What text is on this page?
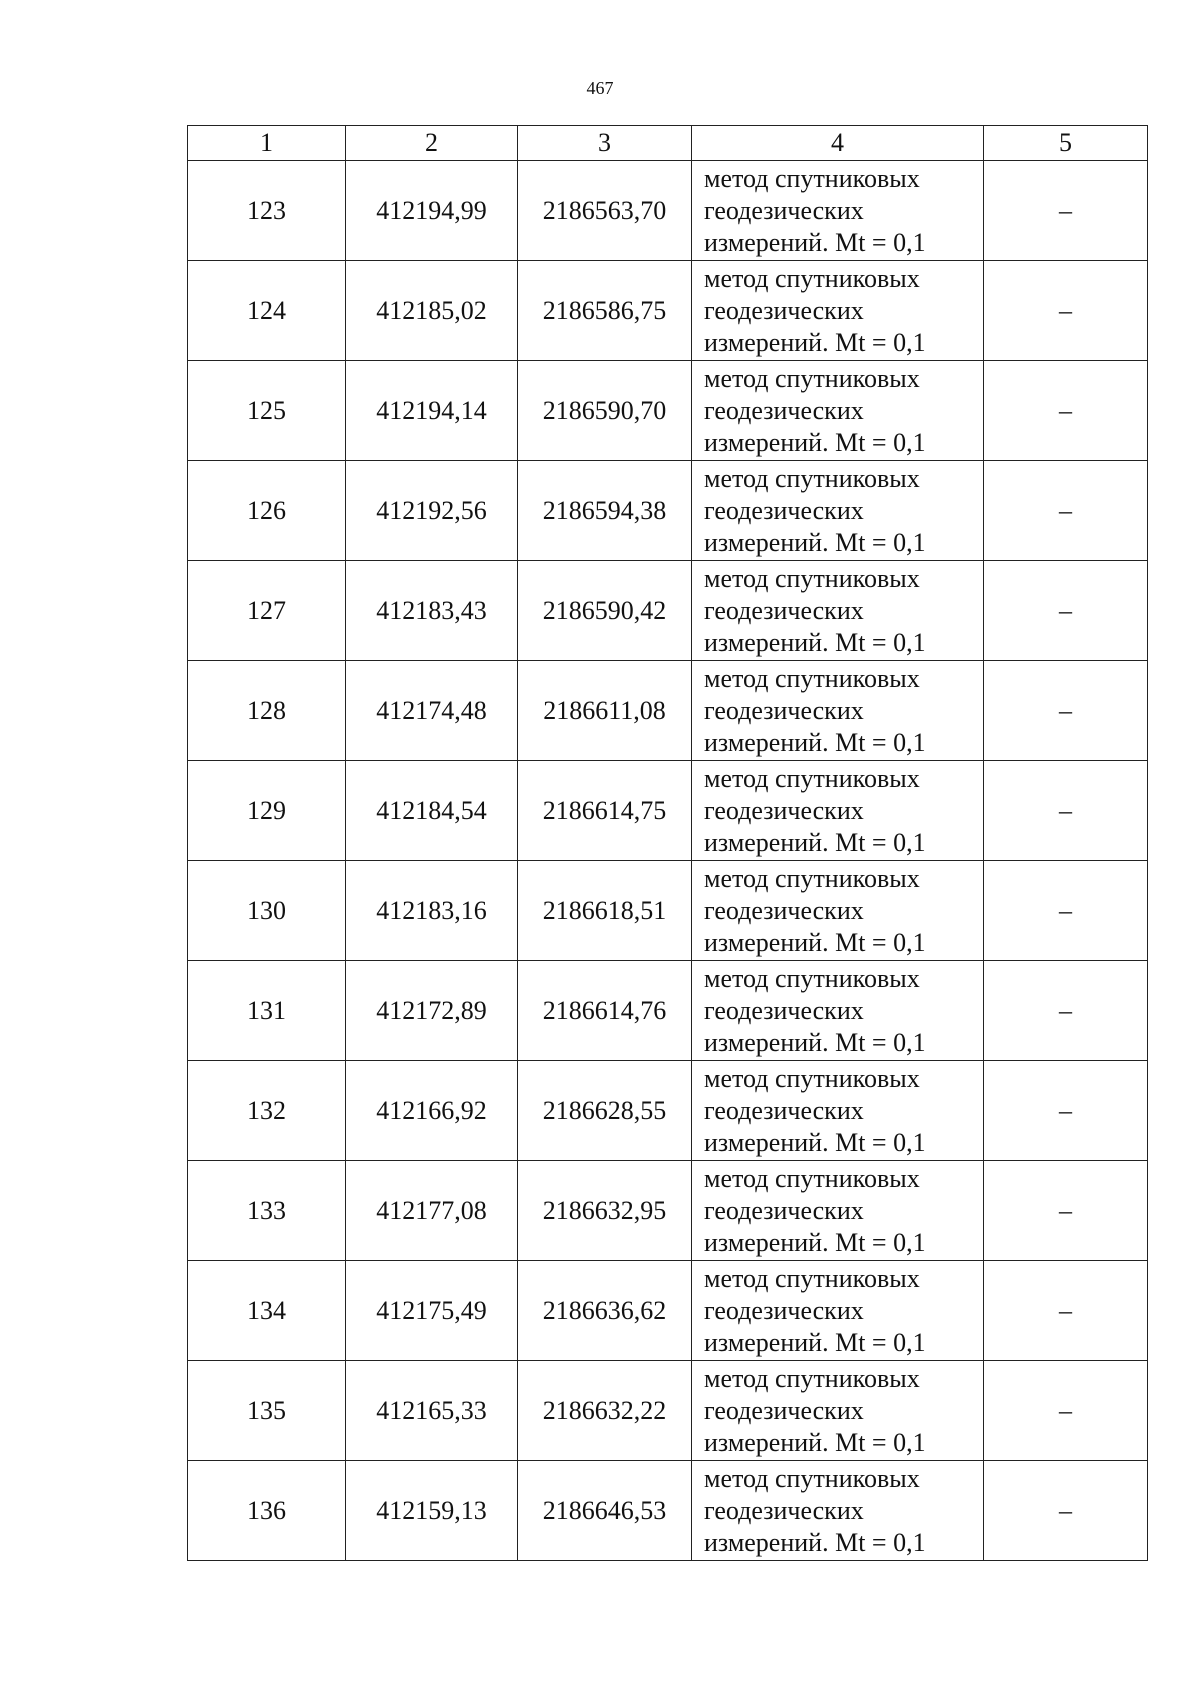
467
1	2	3	4	5
123	412194,99	2186563,70	метод спутниковых
геодезических
измерений. Mt = 0,1	–
124	412185,02	2186586,75	метод спутниковых
геодезических
измерений. Mt = 0,1	–
125	412194,14	2186590,70	метод спутниковых
геодезических
измерений. Mt = 0,1	–
126	412192,56	2186594,38	метод спутниковых
геодезических
измерений. Mt = 0,1	–
127	412183,43	2186590,42	метод спутниковых
геодезических
измерений. Mt = 0,1	–
128	412174,48	2186611,08	метод спутниковых
геодезических
измерений. Mt = 0,1	–
129	412184,54	2186614,75	метод спутниковых
геодезических
измерений. Mt = 0,1	–
130	412183,16	2186618,51	метод спутниковых
геодезических
измерений. Mt = 0,1	–
131	412172,89	2186614,76	метод спутниковых
геодезических
измерений. Mt = 0,1	–
132	412166,92	2186628,55	метод спутниковых
геодезических
измерений. Mt = 0,1	–
133	412177,08	2186632,95	метод спутниковых
геодезических
измерений. Mt = 0,1	–
134	412175,49	2186636,62	метод спутниковых
геодезических
измерений. Mt = 0,1	–
135	412165,33	2186632,22	метод спутниковых
геодезических
измерений. Mt = 0,1	–
136	412159,13	2186646,53	метод спутниковых
геодезических
измерений. Mt = 0,1	–
